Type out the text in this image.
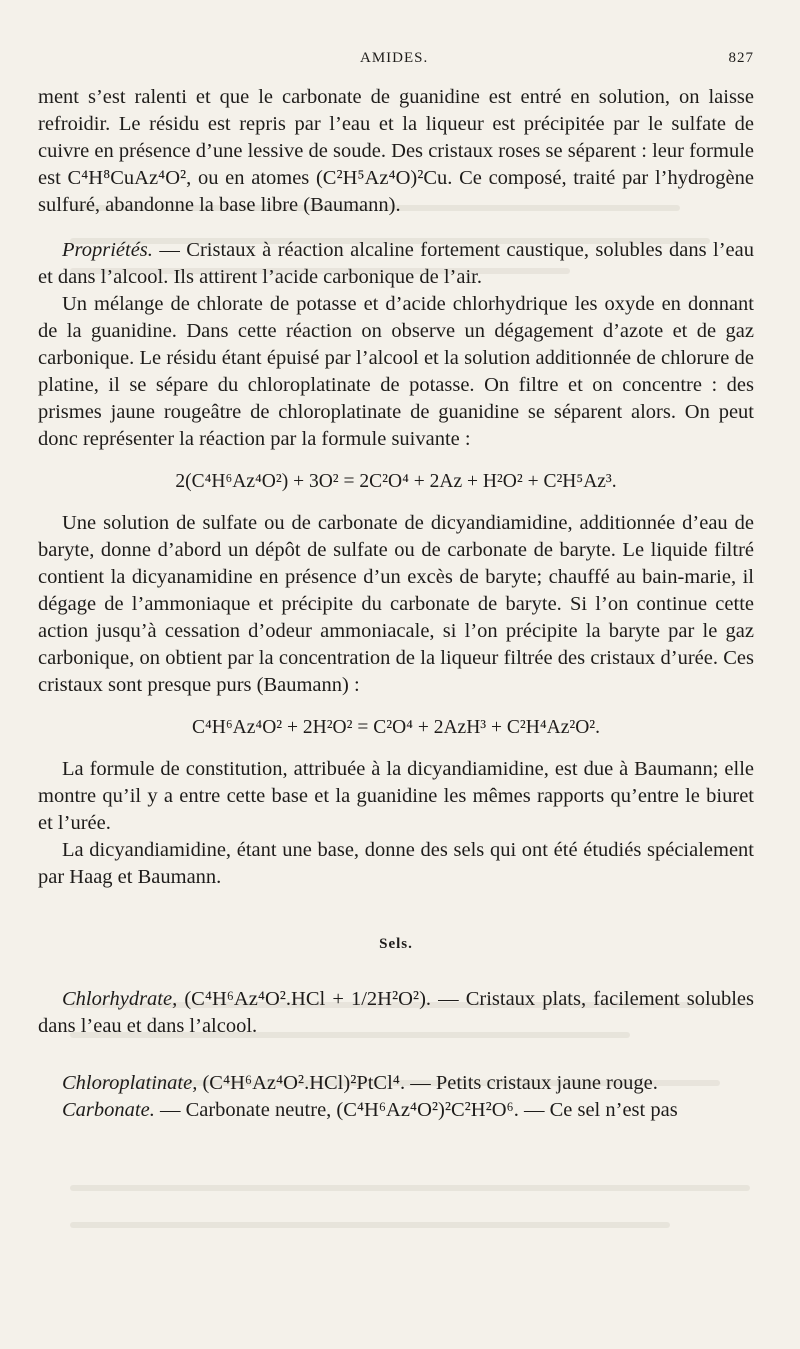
AMIDES.	827

ment s’est ralenti et que le carbonate de guanidine est entré en solution, on laisse refroidir. Le résidu est repris par l’eau et la liqueur est précipitée par le sulfate de cuivre en présence d’une lessive de soude. Des cristaux roses se séparent : leur formule est C⁴H⁸CuAz⁴O², ou en atomes (C²H⁵Az⁴O)²Cu. Ce composé, traité par l’hydrogène sulfuré, abandonne la base libre (Baumann).

Propriétés. — Cristaux à réaction alcaline fortement caustique, solubles dans l’eau et dans l’alcool. Ils attirent l’acide carbonique de l’air.

Un mélange de chlorate de potasse et d’acide chlorhydrique les oxyde en donnant de la guanidine. Dans cette réaction on observe un dégagement d’azote et de gaz carbonique. Le résidu étant épuisé par l’alcool et la solution additionnée de chlorure de platine, il se sépare du chloroplatinate de potasse. On filtre et on concentre : des prismes jaune rougeâtre de chloroplatinate de guanidine se séparent alors. On peut donc représenter la réaction par la formule suivante :

2(C⁴H⁶Az⁴O²) + 3O² = 2C²O⁴ + 2Az + H²O² + C²H⁵Az³.

Une solution de sulfate ou de carbonate de dicyandiamidine, additionnée d’eau de baryte, donne d’abord un dépôt de sulfate ou de carbonate de baryte. Le liquide filtré contient la dicyanamidine en présence d’un excès de baryte; chauffé au bain-marie, il dégage de l’ammoniaque et précipite du carbonate de baryte. Si l’on continue cette action jusqu’à cessation d’odeur ammoniacale, si l’on précipite la baryte par le gaz carbonique, on obtient par la concentration de la liqueur filtrée des cristaux d’urée. Ces cristaux sont presque purs (Baumann) :

C⁴H⁶Az⁴O² + 2H²O² = C²O⁴ + 2AzH³ + C²H⁴Az²O².

La formule de constitution, attribuée à la dicyandiamidine, est due à Baumann; elle montre qu’il y a entre cette base et la guanidine les mêmes rapports qu’entre le biuret et l’urée.

La dicyandiamidine, étant une base, donne des sels qui ont été étudiés spécialement par Haag et Baumann.

Sels.

Chlorhydrate, (C⁴H⁶Az⁴O².HCl + 1/2H²O²). — Cristaux plats, facilement solubles dans l’eau et dans l’alcool.

Chloroplatinate, (C⁴H⁶Az⁴O².HCl)²PtCl⁴. — Petits cristaux jaune rouge.

Carbonate. — Carbonate neutre, (C⁴H⁶Az⁴O²)²C²H²O⁶. — Ce sel n’est pas
